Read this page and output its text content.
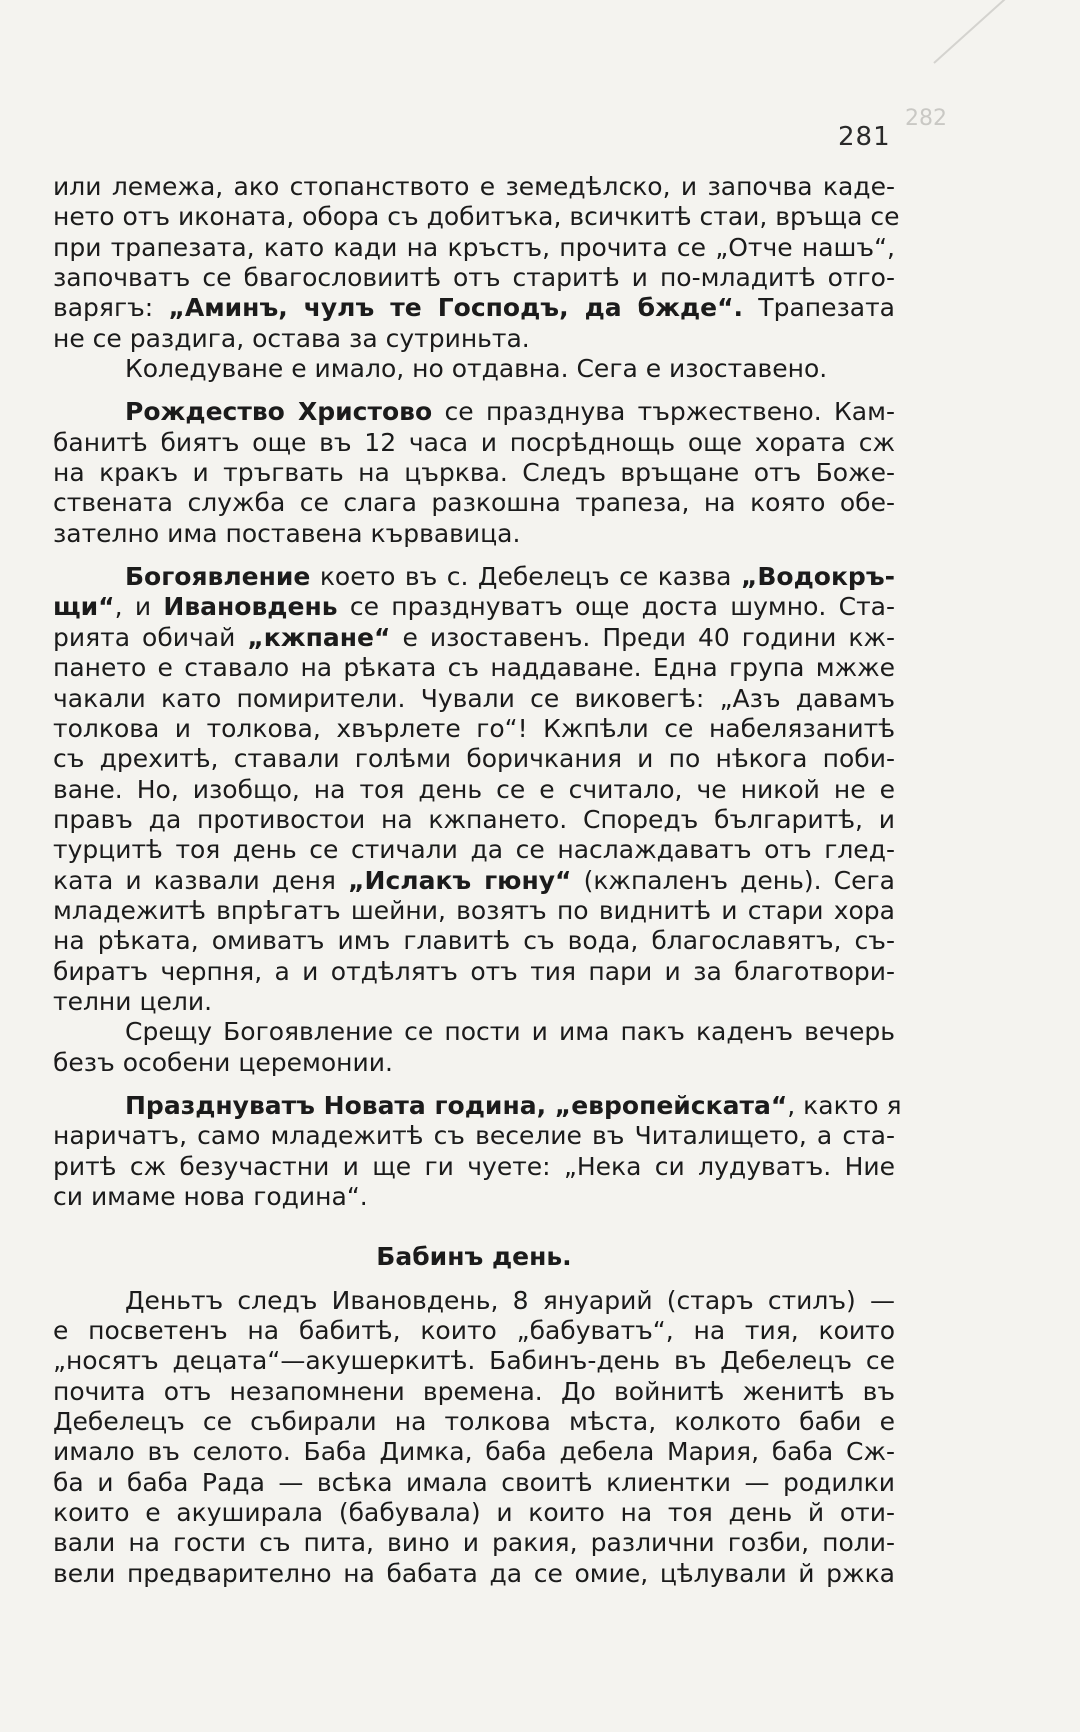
282
281
или лемежа, ако стопанството е земедѣлско, и започва каде-
нето отъ иконата, обора съ добитъка, всичкитѣ стаи, връща се
при трапезата, като кади на кръстъ, прочита се „Отче нашъ“,
започватъ се бвагословиитѣ отъ старитѣ и по-младитѣ отго-
варягъ: „Аминъ, чулъ те Господъ, да бжде“. Трапезата
не се раздига, остава за сутриньта.
Коледуване е имало, но отдавна. Сега е изоставено.
Рождество Христово се празднува тържествено. Кам-
банитѣ биятъ още въ 12 часа и посрѣднощь още хората сж
на кракъ и тръгвать на църква. Следъ връщане отъ Боже-
ствената служба се слага разкошна трапеза, на която обе-
зателно има поставена кървавица.
Богоявление което въ с. Дебелецъ се казва „Водокръ-
щи“, и Ивановдень се празднуватъ още доста шумно. Ста-
рията обичай „кжпане“ е изоставенъ. Преди 40 години кж-
панeто е ставало на рѣката съ наддаване. Една група мжже
чакали като помирители. Чували се виковегѣ: „Азъ давамъ
толкова и толкова, хвърлете го“! Кжпѣли се набелязанитѣ
съ дрехитѣ, ставали голѣми боричкания и по нѣкога поби-
ване. Но, изобщо, на тоя день се е считало, че никой не е
правъ да противостои на кжпането. Споредъ българитѣ, и
турцитѣ тоя день се стичали да се наслаждаватъ отъ глед-
ката и казвали деня „Ислакъ гюну“ (кжпаленъ день). Сега
младежитѣ впрѣгатъ шейни, возятъ по виднитѣ и стари хора
на рѣката, омиватъ имъ главитѣ съ вода, благославятъ, съ-
биратъ черпня, а и отдѣлятъ отъ тия пари и за благотвори-
телни цели.
Срещу Богоявление се пости и има пакъ каденъ вечерь
безъ особени церемонии.
Празднуватъ Новата година, „европейската“, както я
наричатъ, само младежитѣ съ веселие въ Читалището, а ста-
ритѣ сж безучастни и ще ги чуете: „Нека си лудуватъ. Ние
си имаме нова година“.
Бабинъ день.
Деньтъ следъ Ивановдень, 8 януарий (старъ стилъ) —
е посветенъ на бабитѣ, които „бабуватъ“, на тия, които
„носятъ децата“—акушеркитѣ. Бабинъ-день въ Дебелецъ се
почита отъ незапомнени времена. До войнитѣ женитѣ въ
Дебелецъ се събирали на толкова мѣста, колкото баби е
имало въ селото. Баба Димка, баба дебела Мария, баба Сж-
ба и баба Рада — всѣка имала своитѣ клиентки — родилки
които е акуширала (бабувала) и които на тоя день й оти-
вали на гости съ пита, вино и ракия, различни гозби, поли-
вели предварително на бабата да се омие, цѣлували й ржка
